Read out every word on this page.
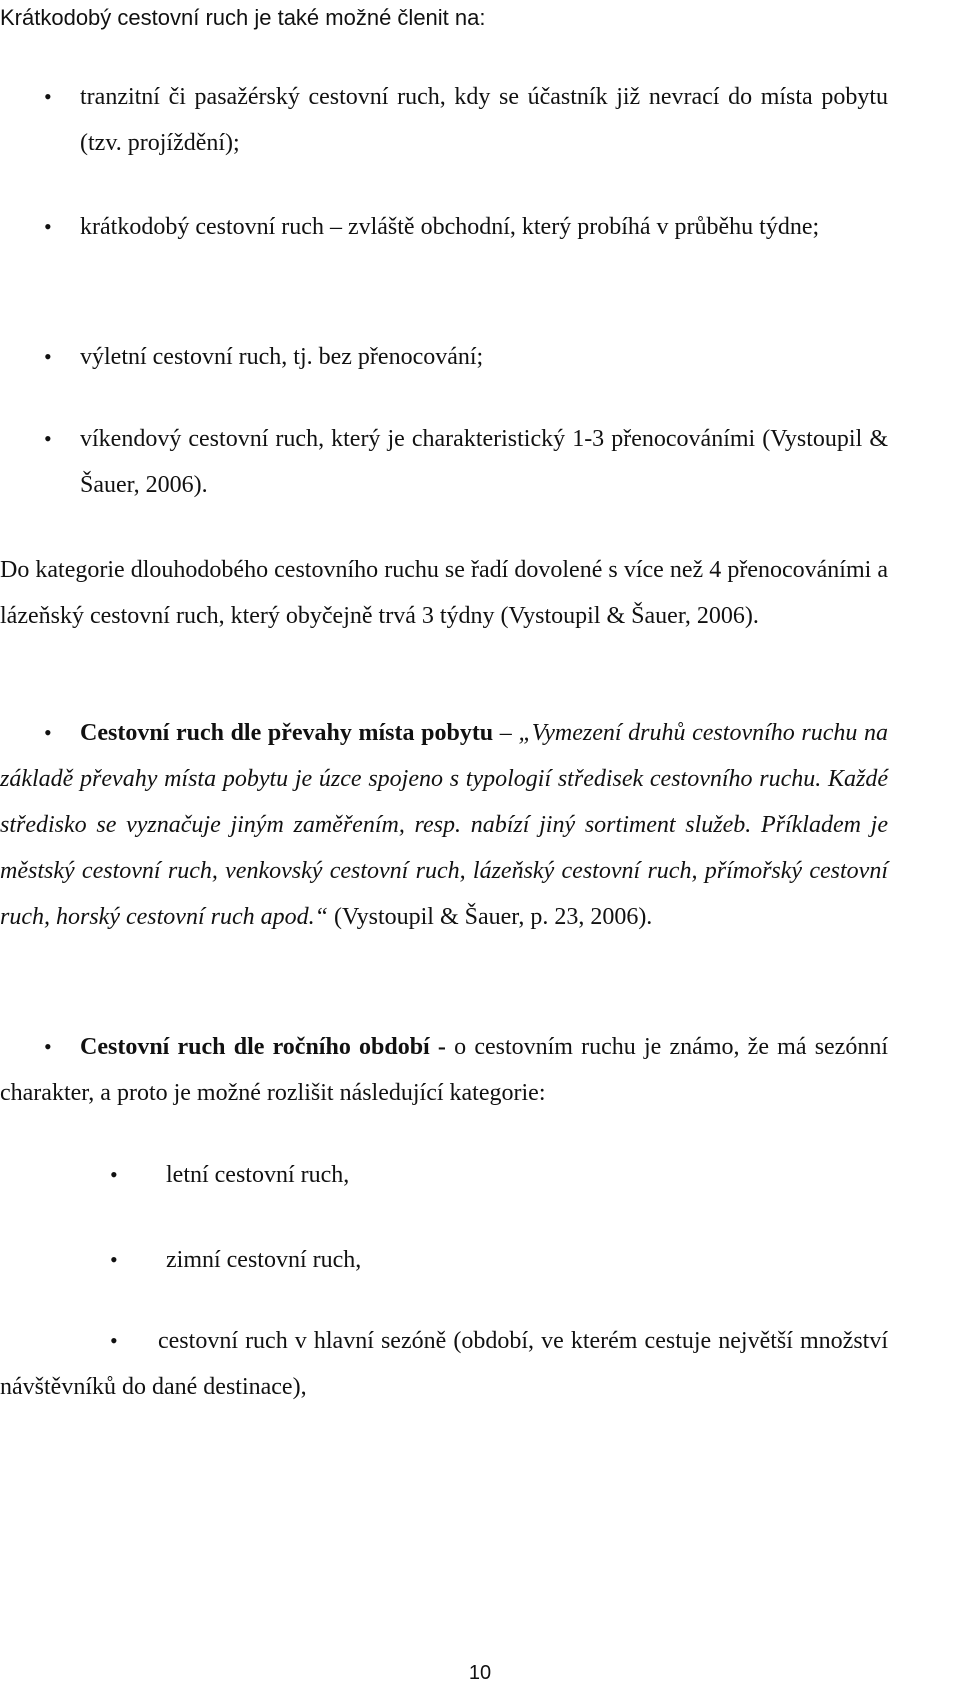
Krátkodobý cestovní ruch je také možné členit na:

• tranzitní či pasažérský cestovní ruch, kdy se účastník již nevrací do místa pobytu (tzv. projíždění);

• krátkodobý cestovní ruch – zvláště obchodní, který probíhá v průběhu týdne;

• výletní cestovní ruch, tj. bez přenocování;

• víkendový cestovní ruch, který je charakteristický 1-3 přenocováními (Vystoupil & Šauer, 2006).

Do kategorie dlouhodobého cestovního ruchu se řadí dovolené s více než 4 přenocováními a lázeňský cestovní ruch, který obyčejně trvá 3 týdny (Vystoupil & Šauer, 2006).

•	Cestovní ruch dle převahy místa pobytu – „Vymezení druhů cestovního ruchu na základě převahy místa pobytu je úzce spojeno s typologií středisek cestovního ruchu. Každé středisko se vyznačuje jiným zaměřením, resp. nabízí jiný sortiment služeb. Příkladem je městský cestovní ruch, venkovský cestovní ruch, lázeňský cestovní ruch, přímořský cestovní ruch, horský cestovní ruch apod.“ (Vystoupil & Šauer, p. 23, 2006).

•	Cestovní ruch dle ročního období - o cestovním ruchu je známo, že má sezónní charakter, a proto je možné rozlišit následující kategorie:

• letní cestovní ruch,

• zimní cestovní ruch,

•	cestovní ruch v hlavní sezóně (období, ve kterém cestuje největší množství návštěvníků do dané destinace),

10
